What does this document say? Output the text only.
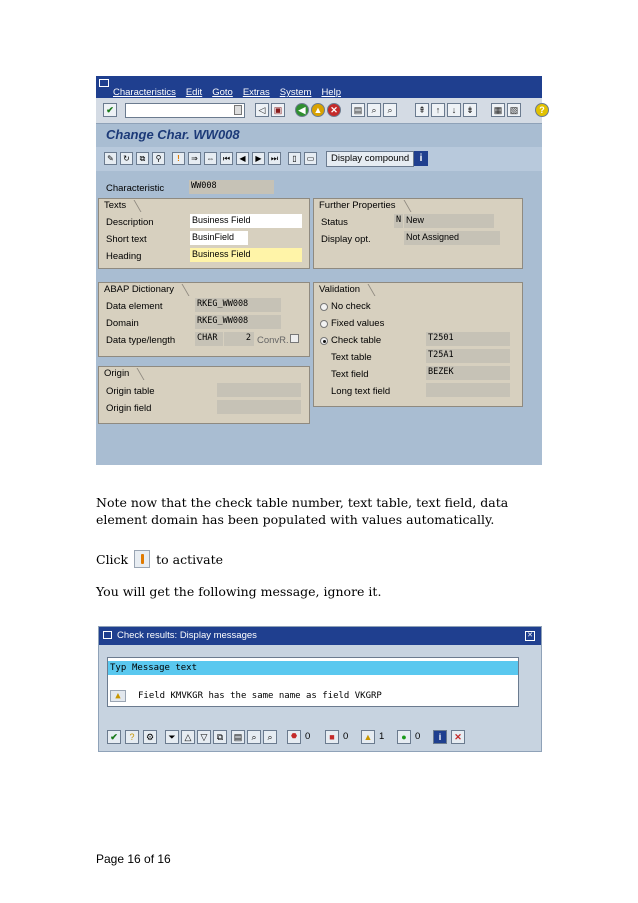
Characteristics Edit Goto Extras System Help
✔	◁ ▣	◀ ▲ ✕	▤	⌕	⌕	⇞	↑	↓	⇟	▦ ▧	?
Change Char. WW008
✎	↻	⧉	⚲	!	⇒	⇔	⏮	◀	▶	⏭	▯	▭	Display compound	i
Characteristic	WW008
Texts
Description	Business Field
Short text	BusinField
Heading	Business Field
Further Properties
Status	N New
Display opt.	Not Assigned
ABAP Dictionary
Data element	RKEG_WW008
Domain	RKEG_WW008
Data type/length	CHAR	2 ConvR.
Validation
No check
Fixed values
Check table	T2501
Text table	T25A1
Text field	BEZEK
Long text field
Origin
Origin table
Origin field
Note now that the check table number, text table, text field, data element domain has been populated with values automatically.
Click to activate
You will get the following message, ignore it.
Check results: Display messages	✕
Typ Message text
▲	Field KMVKGR has the same name as field VKGRP
✔	?	⚙	⏷ △	▽	⧉	▤	⌕	⌕	⬣ 0	■ 0 ▲ 1	● 0	i	✕
Page 16 of 16
